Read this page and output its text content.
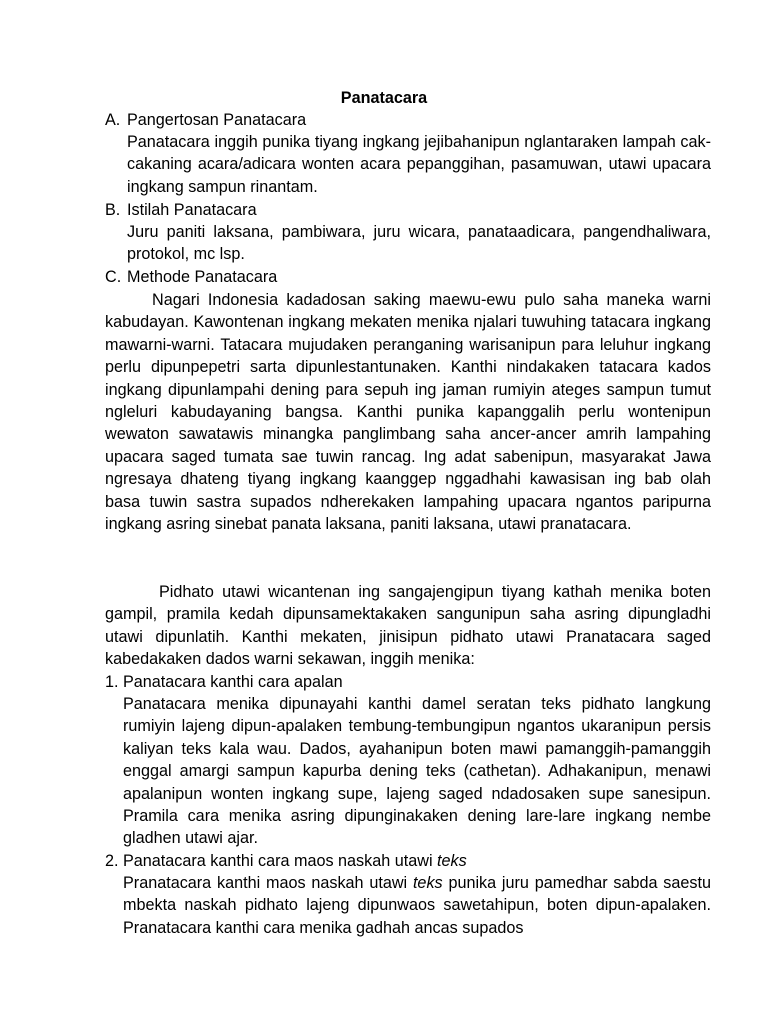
Panatacara
A. Pangertosan Panatacara

Panatacara inggih punika tiyang ingkang jejibahanipun nglantaraken lampah cak-cakaning acara/adicara wonten acara pepanggihan, pasamuwan, utawi upacara ingkang sampun rinantam.

B. Istilah Panatacara

Juru paniti laksana, pambiwara, juru wicara, panataadicara, pangendhaliwara, protokol, mc lsp.

C. Methode Panatacara

Nagari Indonesia kadadosan saking maewu-ewu pulo saha maneka warni kabudayan. Kawontenan ingkang mekaten menika njalari tuwuhing tatacara ingkang mawarni-warni. Tatacara mujudaken peranganing warisanipun para leluhur ingkang perlu dipunpepetri sarta dipunlestantunaken. Kanthi nindakaken tatacara kados ingkang dipunlampahi dening para sepuh ing jaman rumiyin ateges sampun tumut ngleluri kabudayaning bangsa. Kanthi punika kapanggalih perlu wontenipun wewaton sawatawis minangka panglimbang saha ancer-ancer amrih lampahing upacara saged tumata sae tuwin rancag. Ing adat sabenipun, masyarakat Jawa ngresaya dhateng tiyang ingkang kaanggep nggadhahi kawasisan ing bab olah basa tuwin sastra supados ndherekaken lampahing upacara ngantos paripurna ingkang asring sinebat panata laksana, paniti laksana, utawi pranatacara.

Pidhato utawi wicantenan ing sangajengipun tiyang kathah menika boten gampil, pramila kedah dipunsamektakaken sangunipun saha asring dipungladhi utawi dipunlatih. Kanthi mekaten, jinisipun pidhato utawi Pranatacara saged kabedakaken dados warni sekawan, inggih menika:

1. Panatacara kanthi cara apalan

Panatacara menika dipunayahi kanthi damel seratan teks pidhato langkung rumiyin lajeng dipun-apalaken tembung-tembungipun ngantos ukaranipun persis kaliyan teks kala wau. Dados, ayahanipun boten mawi pamanggih-pamanggih enggal amargi sampun kapurba dening teks (cathetan). Adhakanipun, menawi apalanipun wonten ingkang supe, lajeng saged ndadosaken supe sanesipun. Pramila cara menika asring dipunginakaken dening lare-lare ingkang nembe gladhen utawi ajar.

2. Panatacara kanthi cara maos naskah utawi teks

Pranatacara kanthi maos naskah utawi teks punika juru pamedhar sabda saestu mbekta naskah pidhato lajeng dipunwaos sawetahipun, boten dipun-apalaken. Pranatacara kanthi cara menika gadhah ancas supados
